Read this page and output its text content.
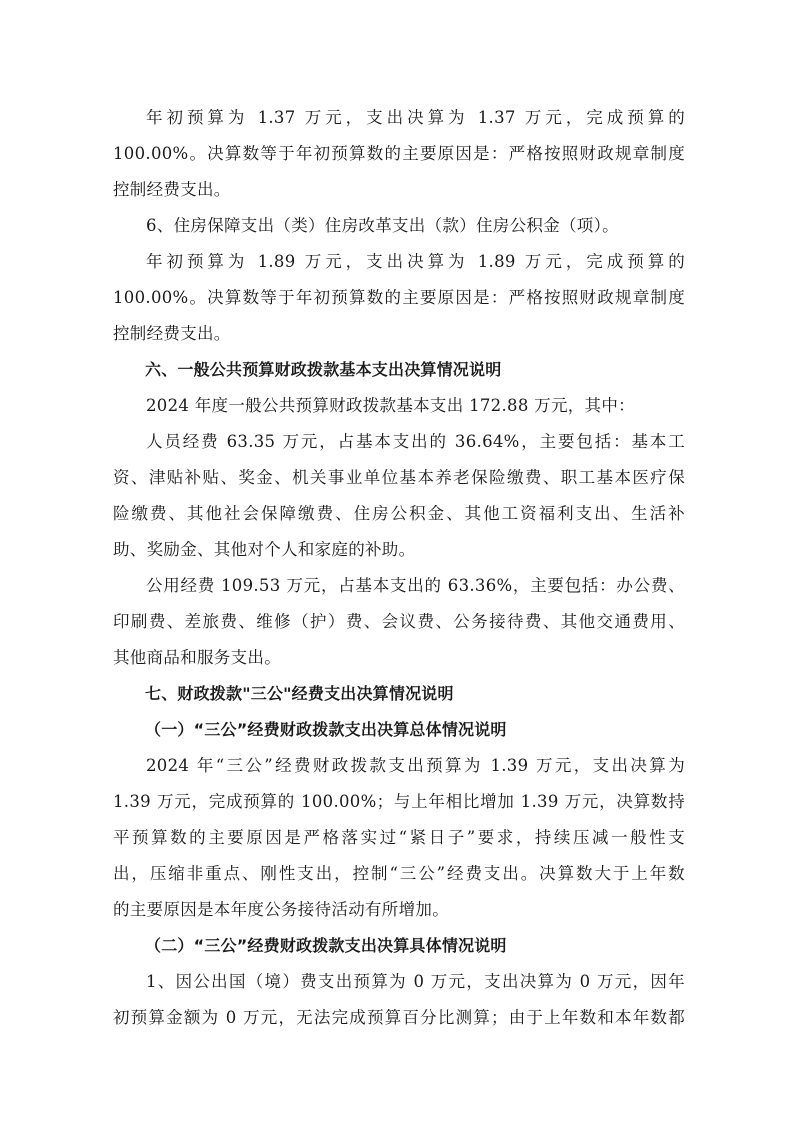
年初预算为 1.37 万元，支出决算为 1.37 万元，完成预算的

100.00%。决算数等于年初预算数的主要原因是：严格按照财政规章制度

控制经费支出。

6、住房保障支出（类）住房改革支出（款）住房公积金（项）。

年初预算为 1.89 万元，支出决算为 1.89 万元，完成预算的

100.00%。决算数等于年初预算数的主要原因是：严格按照财政规章制度

控制经费支出。

六、一般公共预算财政拨款基本支出决算情况说明

2024 年度一般公共预算财政拨款基本支出 172.88 万元，其中：

人员经费 63.35 万元，占基本支出的 36.64%，主要包括：基本工

资、津贴补贴、奖金、机关事业单位基本养老保险缴费、职工基本医疗保

险缴费、其他社会保障缴费、住房公积金、其他工资福利支出、生活补

助、奖励金、其他对个人和家庭的补助。

公用经费 109.53 万元，占基本支出的 63.36%，主要包括：办公费、

印刷费、差旅费、维修（护）费、会议费、公务接待费、其他交通费用、

其他商品和服务支出。

七、财政拨款"三公"经费支出决算情况说明

（一）“三公”经费财政拨款支出决算总体情况说明

2024 年“三公”经费财政拨款支出预算为 1.39 万元，支出决算为

1.39 万元，完成预算的 100.00%；与上年相比增加 1.39 万元，决算数持

平预算数的主要原因是严格落实过“紧日子”要求，持续压减一般性支

出，压缩非重点、刚性支出，控制“三公”经费支出。决算数大于上年数

的主要原因是本年度公务接待活动有所增加。

（二）“三公”经费财政拨款支出决算具体情况说明

1、因公出国（境）费支出预算为 0 万元，支出决算为 0 万元，因年

初预算金额为 0 万元，无法完成预算百分比测算；由于上年数和本年数都
